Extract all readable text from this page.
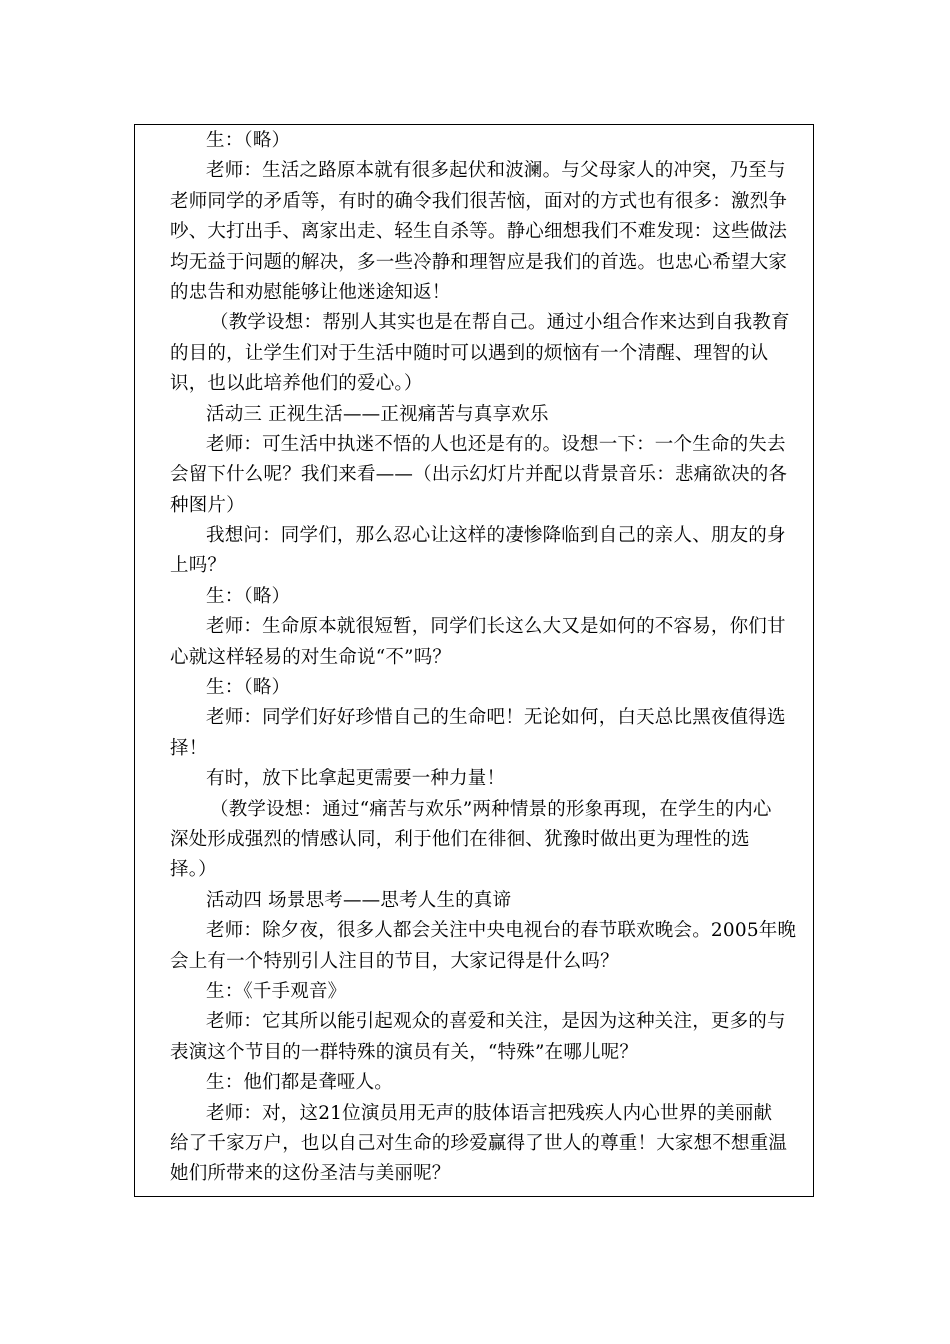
生：（略）
老师：生活之路原本就有很多起伏和波澜。与父母家人的冲突，乃至与
老师同学的矛盾等，有时的确令我们很苦恼，面对的方式也有很多：激烈争
吵、大打出手、离家出走、轻生自杀等。静心细想我们不难发现：这些做法
均无益于问题的解决，多一些冷静和理智应是我们的首选。也忠心希望大家
的忠告和劝慰能够让他迷途知返！
（教学设想：帮别人其实也是在帮自己。通过小组合作来达到自我教育
的目的，让学生们对于生活中随时可以遇到的烦恼有一个清醒、理智的认
识，也以此培养他们的爱心。）
活动三 正视生活——正视痛苦与真享欢乐
老师：可生活中执迷不悟的人也还是有的。设想一下：一个生命的失去
会留下什么呢？我们来看——（出示幻灯片并配以背景音乐：悲痛欲决的各
种图片）
我想问：同学们，那么忍心让这样的凄惨降临到自己的亲人、朋友的身
上吗？
生：（略）
老师：生命原本就很短暂，同学们长这么大又是如何的不容易，你们甘
心就这样轻易的对生命说“不”吗？
生：（略）
老师：同学们好好珍惜自己的生命吧！无论如何，白天总比黑夜值得选
择！
有时，放下比拿起更需要一种力量！
（教学设想：通过“痛苦与欢乐”两种情景的形象再现，在学生的内心
深处形成强烈的情感认同，利于他们在徘徊、犹豫时做出更为理性的选
择。）
活动四 场景思考——思考人生的真谛
老师：除夕夜，很多人都会关注中央电视台的春节联欢晚会。2005年晚
会上有一个特别引人注目的节目，大家记得是什么吗？
生：《千手观音》
老师：它其所以能引起观众的喜爱和关注，是因为这种关注，更多的与
表演这个节目的一群特殊的演员有关，“特殊”在哪儿呢？
生：他们都是聋哑人。
老师：对，这21位演员用无声的肢体语言把残疾人内心世界的美丽献
给了千家万户，也以自己对生命的珍爱赢得了世人的尊重！大家想不想重温
她们所带来的这份圣洁与美丽呢？
